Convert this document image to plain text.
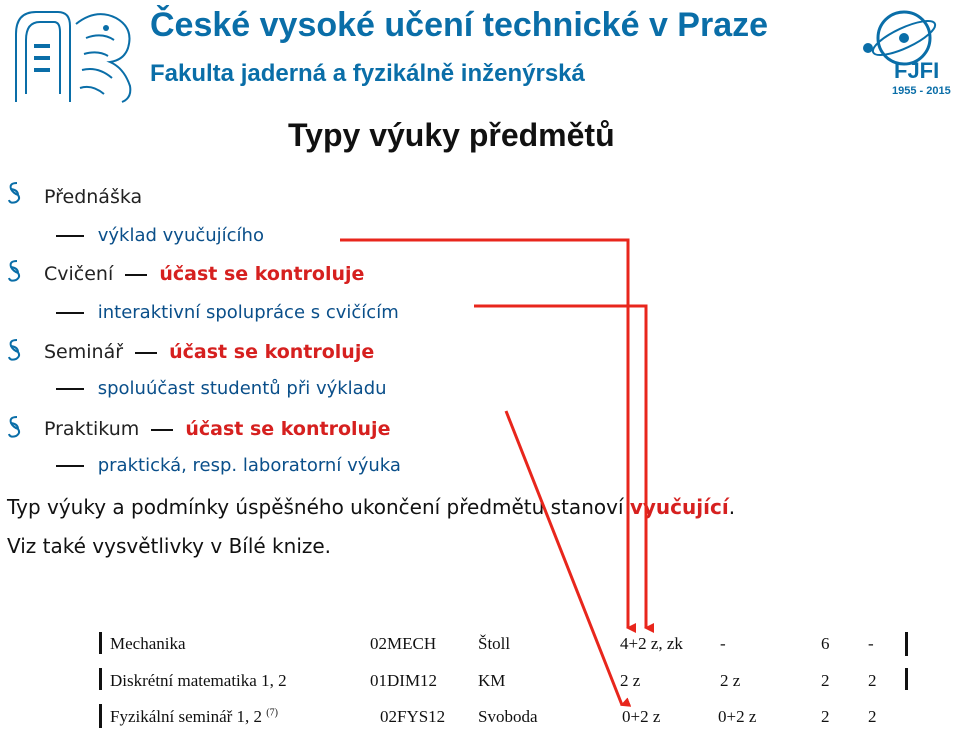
FJFI
1955 - 2015
České vysoké učení technické v Praze
Fakulta jaderná a fyzikálně inženýrská
Typy výuky předmětů
Přednáška
výklad vyučujícího
Cvičení účast se kontroluje
interaktivní spolupráce s cvičícím
Seminář účast se kontroluje
spoluúčast studentů při výkladu
Praktikum účast se kontroluje
praktická, resp. laboratorní výuka
Typ výuky a podmínky úspěšného ukončení předmětu stanoví vyučující.
Viz také vysvětlivky v Bílé knize.
Mechanika	02MECH Štoll	4+2 z, zk -	6 -
Diskrétní matematika 1, 2	01DIM12 KM	2 z	2 z	2 2
Fyzikální seminář 1, 2 $^{(7)}$	02FYS12 Svoboda	0+2 z	0+2 z	2 2
